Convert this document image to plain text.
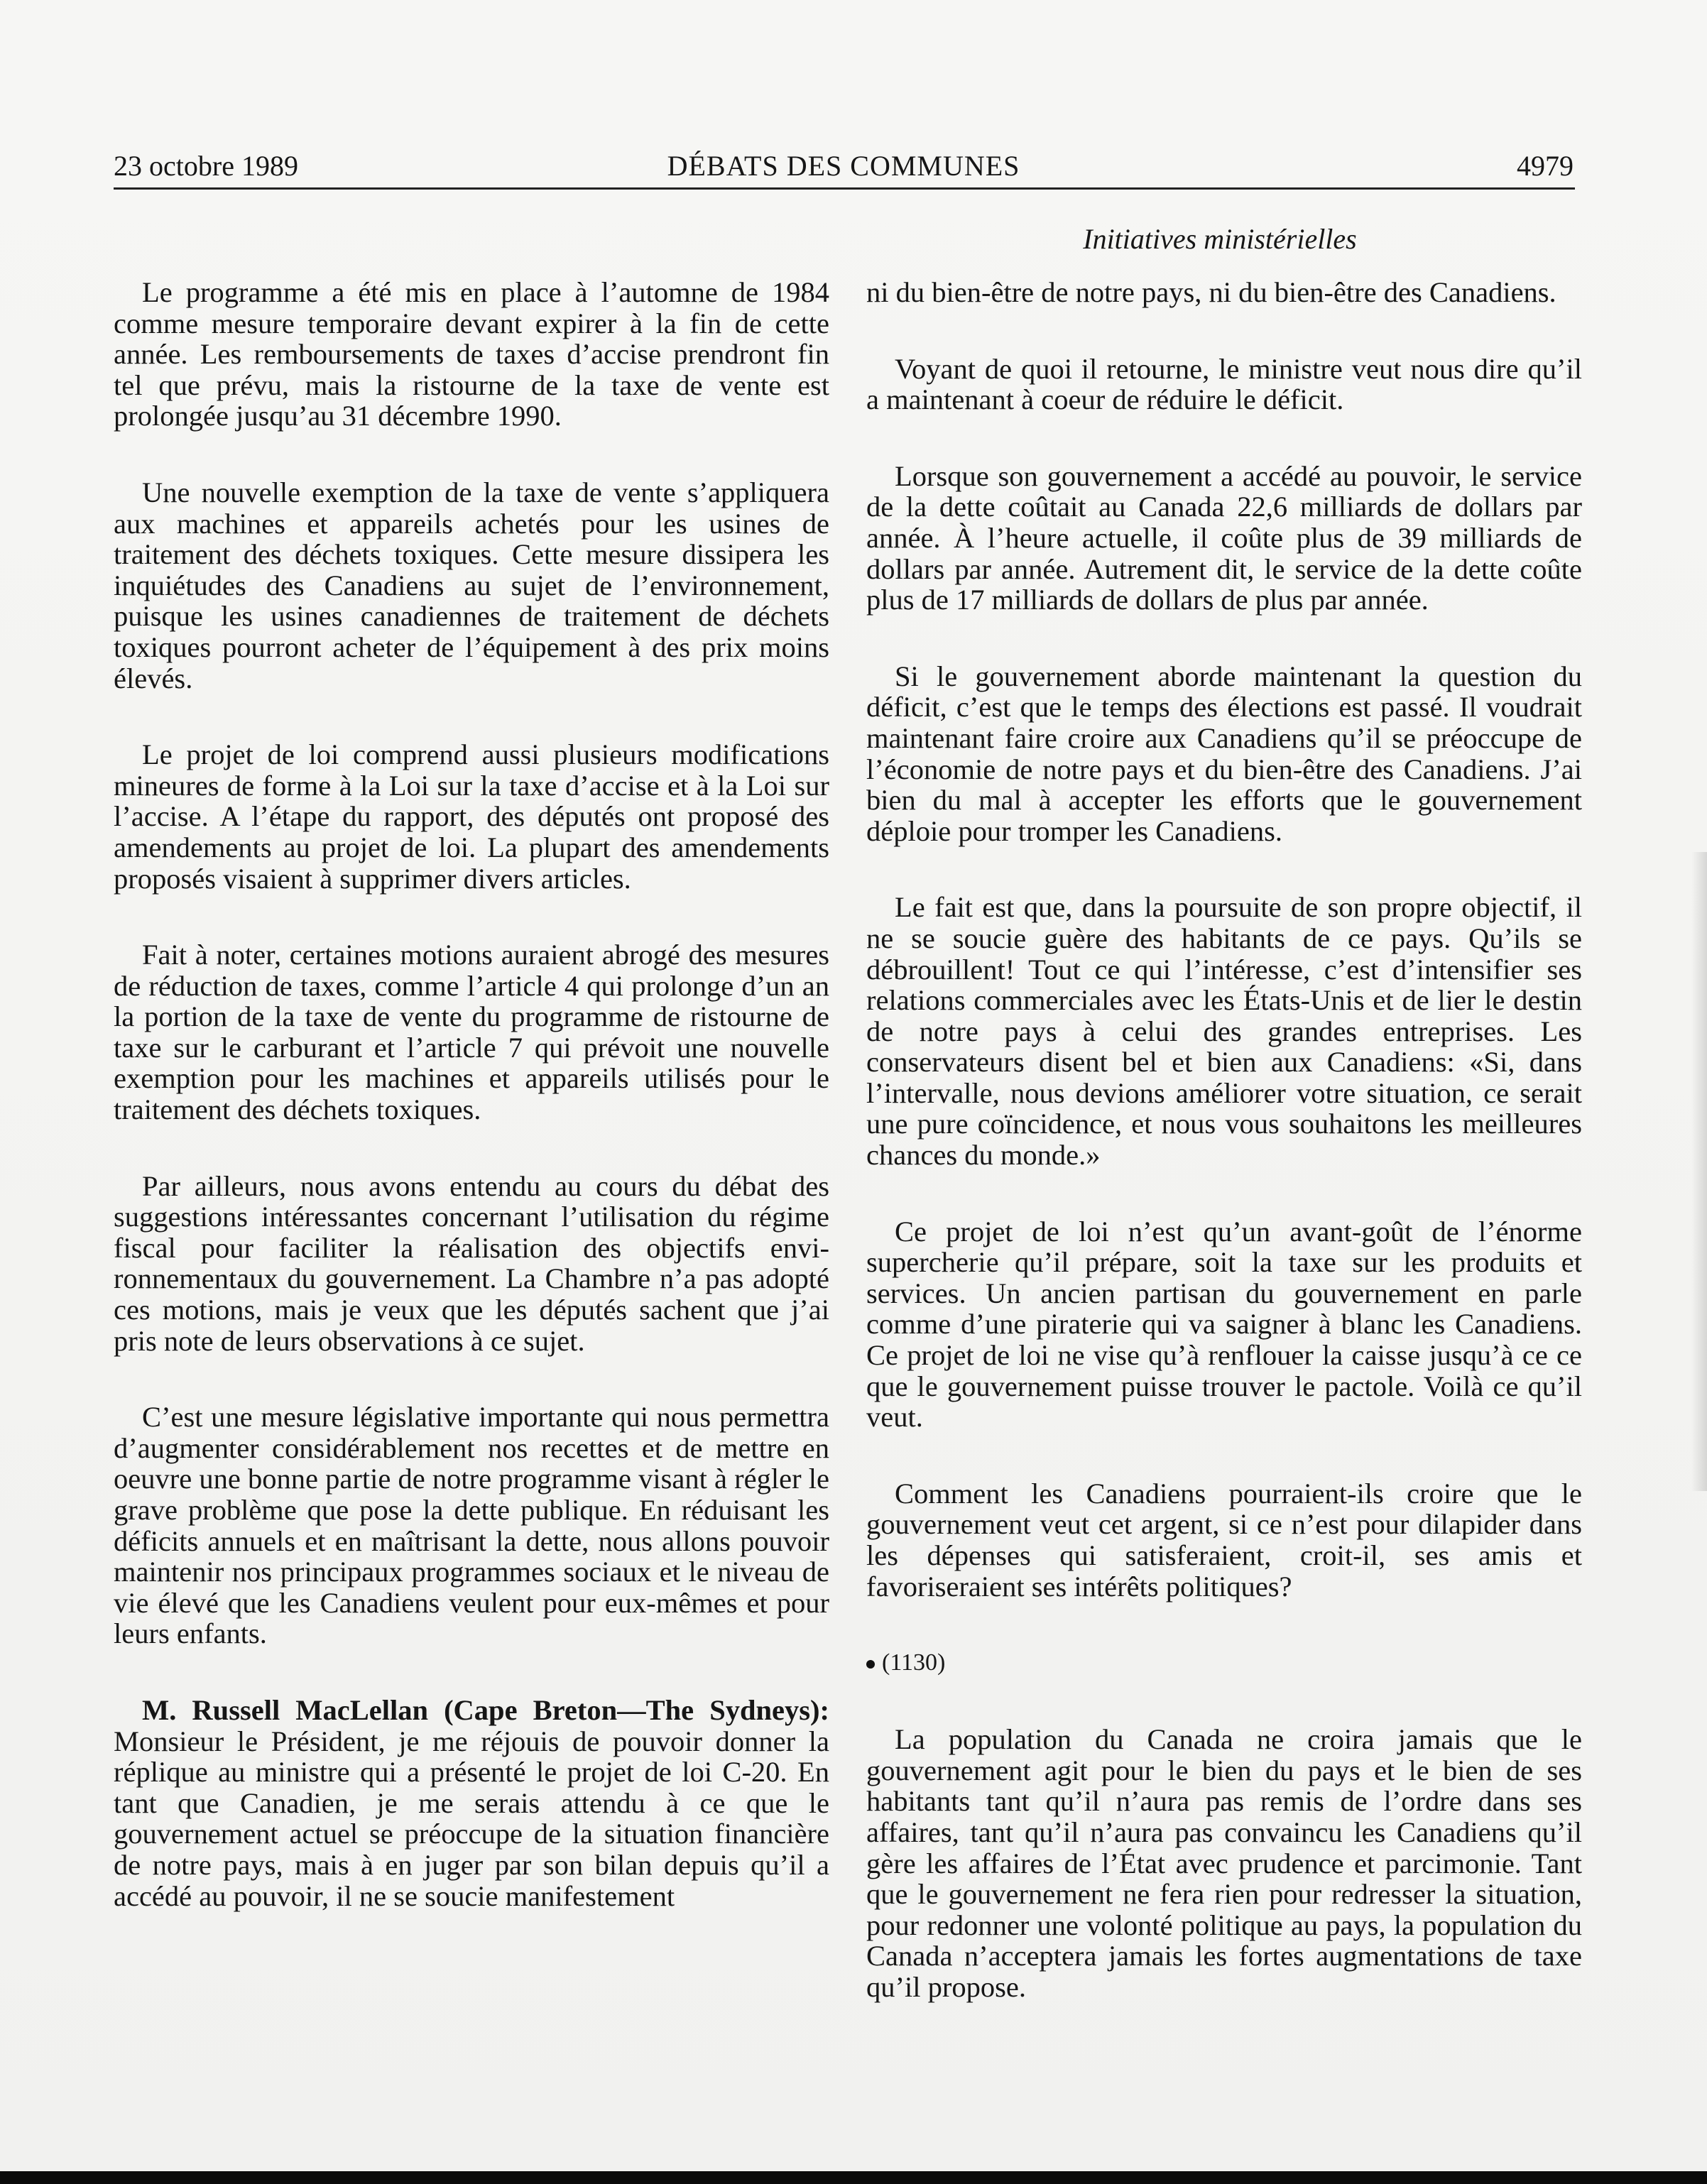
23 octobre 1989	DÉBATS DES COMMUNES	4979
Initiatives ministérielles

Le programme a été mis en place à l’automne de 1984 comme mesure temporaire devant expirer à la fin de cette année. Les remboursements de taxes d’accise prendront fin tel que prévu, mais la ristourne de la taxe de vente est prolongée jusqu’au 31 décembre 1990.

Une nouvelle exemption de la taxe de vente s’appliquera aux machines et appareils achetés pour les usines de traitement des déchets toxiques. Cette mesure dissipera les inquiétudes des Canadiens au sujet de l’environnement, puisque les usines canadiennes de traitement de déchets toxiques pourront acheter de l’équipement à des prix moins élevés.

Le projet de loi comprend aussi plusieurs modifications mineures de forme à la Loi sur la taxe d’accise et à la Loi sur l’accise. A l’étape du rapport, des députés ont proposé des amendements au projet de loi. La plupart des amendements proposés visaient à supprimer divers articles.

Fait à noter, certaines motions auraient abrogé des mesures de réduction de taxes, comme l’article 4 qui prolonge d’un an la portion de la taxe de vente du programme de ristourne de taxe sur le carburant et l’article 7 qui prévoit une nouvelle exemption pour les machines et appareils utilisés pour le traitement des déchets toxiques.

Par ailleurs, nous avons entendu au cours du débat des suggestions intéressantes concernant l’utilisation du régime fiscal pour faciliter la réalisation des objectifs environnementaux du gouvernement. La Chambre n’a pas adopté ces motions, mais je veux que les députés sachent que j’ai pris note de leurs observations à ce sujet.

C’est une mesure législative importante qui nous permettra d’augmenter considérablement nos recettes et de mettre en oeuvre une bonne partie de notre programme visant à régler le grave problème que pose la dette publique. En réduisant les déficits annuels et en maîtrisant la dette, nous allons pouvoir maintenir nos principaux programmes sociaux et le niveau de vie élevé que les Canadiens veulent pour eux-mêmes et pour leurs enfants.

M. Russell MacLellan (Cape Breton—The Sydneys): Monsieur le Président, je me réjouis de pouvoir donner la réplique au ministre qui a présenté le projet de loi C-20. En tant que Canadien, je me serais attendu à ce que le gouvernement actuel se préoccupe de la situation financière de notre pays, mais à en juger par son bilan depuis qu’il a accédé au pouvoir, il ne se soucie manifestement

ni du bien-être de notre pays, ni du bien-être des Canadiens.

Voyant de quoi il retourne, le ministre veut nous dire qu’il a maintenant à coeur de réduire le déficit.

Lorsque son gouvernement a accédé au pouvoir, le service de la dette coûtait au Canada 22,6 milliards de dollars par année. À l’heure actuelle, il coûte plus de 39 milliards de dollars par année. Autrement dit, le service de la dette coûte plus de 17 milliards de dollars de plus par année.

Si le gouvernement aborde maintenant la question du déficit, c’est que le temps des élections est passé. Il voudrait maintenant faire croire aux Canadiens qu’il se préoccupe de l’économie de notre pays et du bien-être des Canadiens. J’ai bien du mal à accepter les efforts que le gouvernement déploie pour tromper les Canadiens.

Le fait est que, dans la poursuite de son propre objectif, il ne se soucie guère des habitants de ce pays. Qu’ils se débrouillent! Tout ce qui l’intéresse, c’est d’intensifier ses relations commerciales avec les États-Unis et de lier le destin de notre pays à celui des grandes entreprises. Les conservateurs disent bel et bien aux Canadiens: «Si, dans l’intervalle, nous devions améliorer votre situation, ce serait une pure coïncidence, et nous vous souhaitons les meilleures chances du monde.»

Ce projet de loi n’est qu’un avant-goût de l’énorme supercherie qu’il prépare, soit la taxe sur les produits et services. Un ancien partisan du gouvernement en parle comme d’une piraterie qui va saigner à blanc les Canadiens. Ce projet de loi ne vise qu’à renflouer la caisse jusqu’à ce ce que le gouvernement puisse trouver le pactole. Voilà ce qu’il veut.

Comment les Canadiens pourraient-ils croire que le gouvernement veut cet argent, si ce n’est pour dilapider dans les dépenses qui satisferaient, croit-il, ses amis et favoriseraient ses intérêts politiques?

(1130)

La population du Canada ne croira jamais que le gouvernement agit pour le bien du pays et le bien de ses habitants tant qu’il n’aura pas remis de l’ordre dans ses affaires, tant qu’il n’aura pas convaincu les Canadiens qu’il gère les affaires de l’État avec prudence et parcimonie. Tant que le gouvernement ne fera rien pour redresser la situation, pour redonner une volonté politique au pays, la population du Canada n’acceptera jamais les fortes augmentations de taxe qu’il propose.
